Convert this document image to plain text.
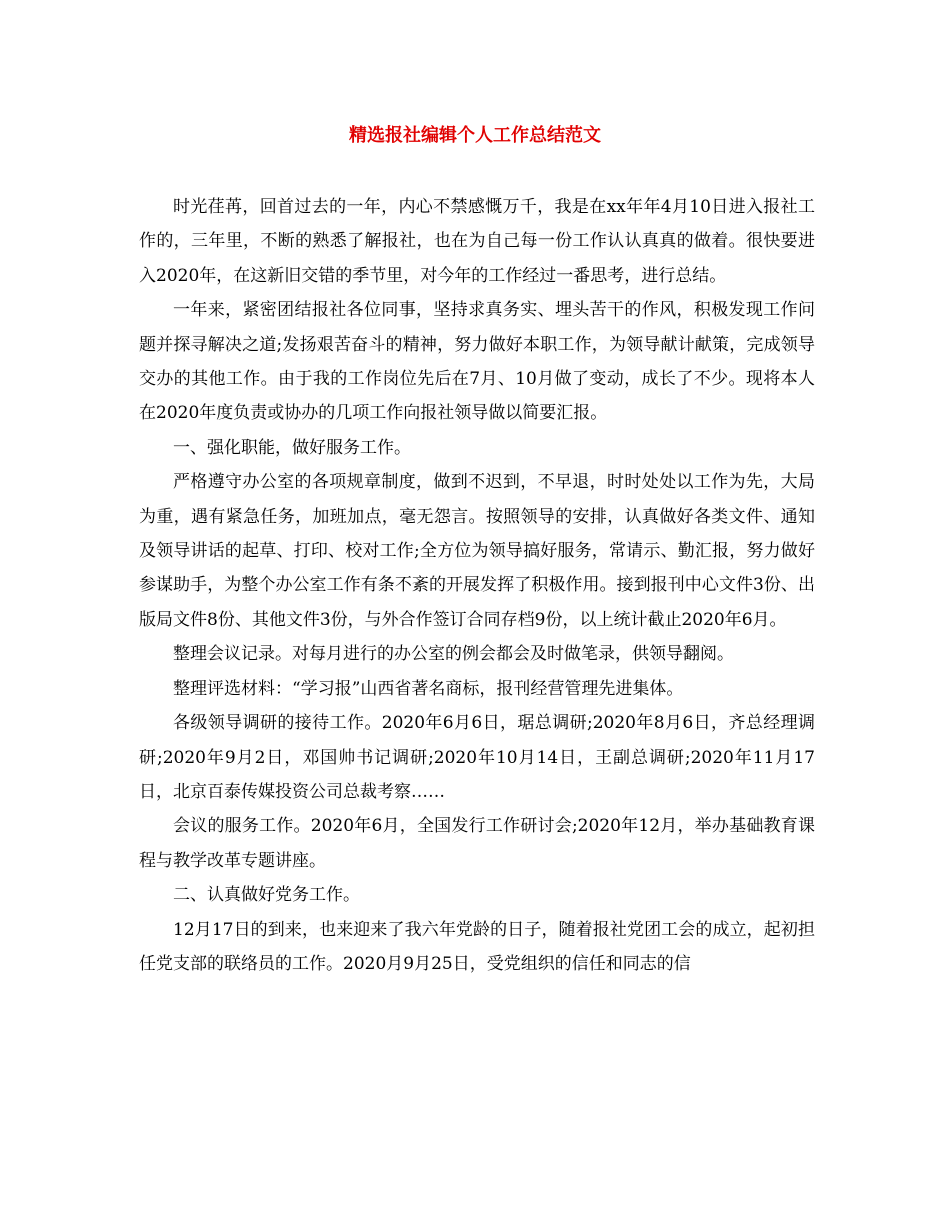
精选报社编辑个人工作总结范文

时光荏苒，回首过去的一年，内心不禁感慨万千，我是在xx年年4月10日进入报社工作的，三年里，不断的熟悉了解报社，也在为自己每一份工作认认真真的做着。很快要进入2020年，在这新旧交错的季节里，对今年的工作经过一番思考，进行总结。

一年来，紧密团结报社各位同事，坚持求真务实、埋头苦干的作风，积极发现工作问题并探寻解决之道;发扬艰苦奋斗的精神，努力做好本职工作，为领导献计献策，完成领导交办的其他工作。由于我的工作岗位先后在7月、10月做了变动，成长了不少。现将本人在2020年度负责或协办的几项工作向报社领导做以简要汇报。

一、强化职能，做好服务工作。

严格遵守办公室的各项规章制度，做到不迟到，不早退，时时处处以工作为先，大局为重，遇有紧急任务，加班加点，毫无怨言。按照领导的安排，认真做好各类文件、通知及领导讲话的起草、打印、校对工作;全方位为领导搞好服务，常请示、勤汇报，努力做好参谋助手，为整个办公室工作有条不紊的开展发挥了积极作用。接到报刊中心文件3份、出版局文件8份、其他文件3份，与外合作签订合同存档9份，以上统计截止2020年6月。

整理会议记录。对每月进行的办公室的例会都会及时做笔录，供领导翻阅。

整理评选材料：“学习报”山西省著名商标，报刊经营管理先进集体。

各级领导调研的接待工作。2020年6月6日，琚总调研;2020年8月6日，齐总经理调研;2020年9月2日，邓国帅书记调研;2020年10月14日，王副总调研;2020年11月17日，北京百泰传媒投资公司总裁考察……

会议的服务工作。2020年6月，全国发行工作研讨会;2020年12月，举办基础教育课程与教学改革专题讲座。

二、认真做好党务工作。

12月17日的到来，也来迎来了我六年党龄的日子，随着报社党团工会的成立，起初担任党支部的联络员的工作。2020月9月25日，受党组织的信任和同志的信
